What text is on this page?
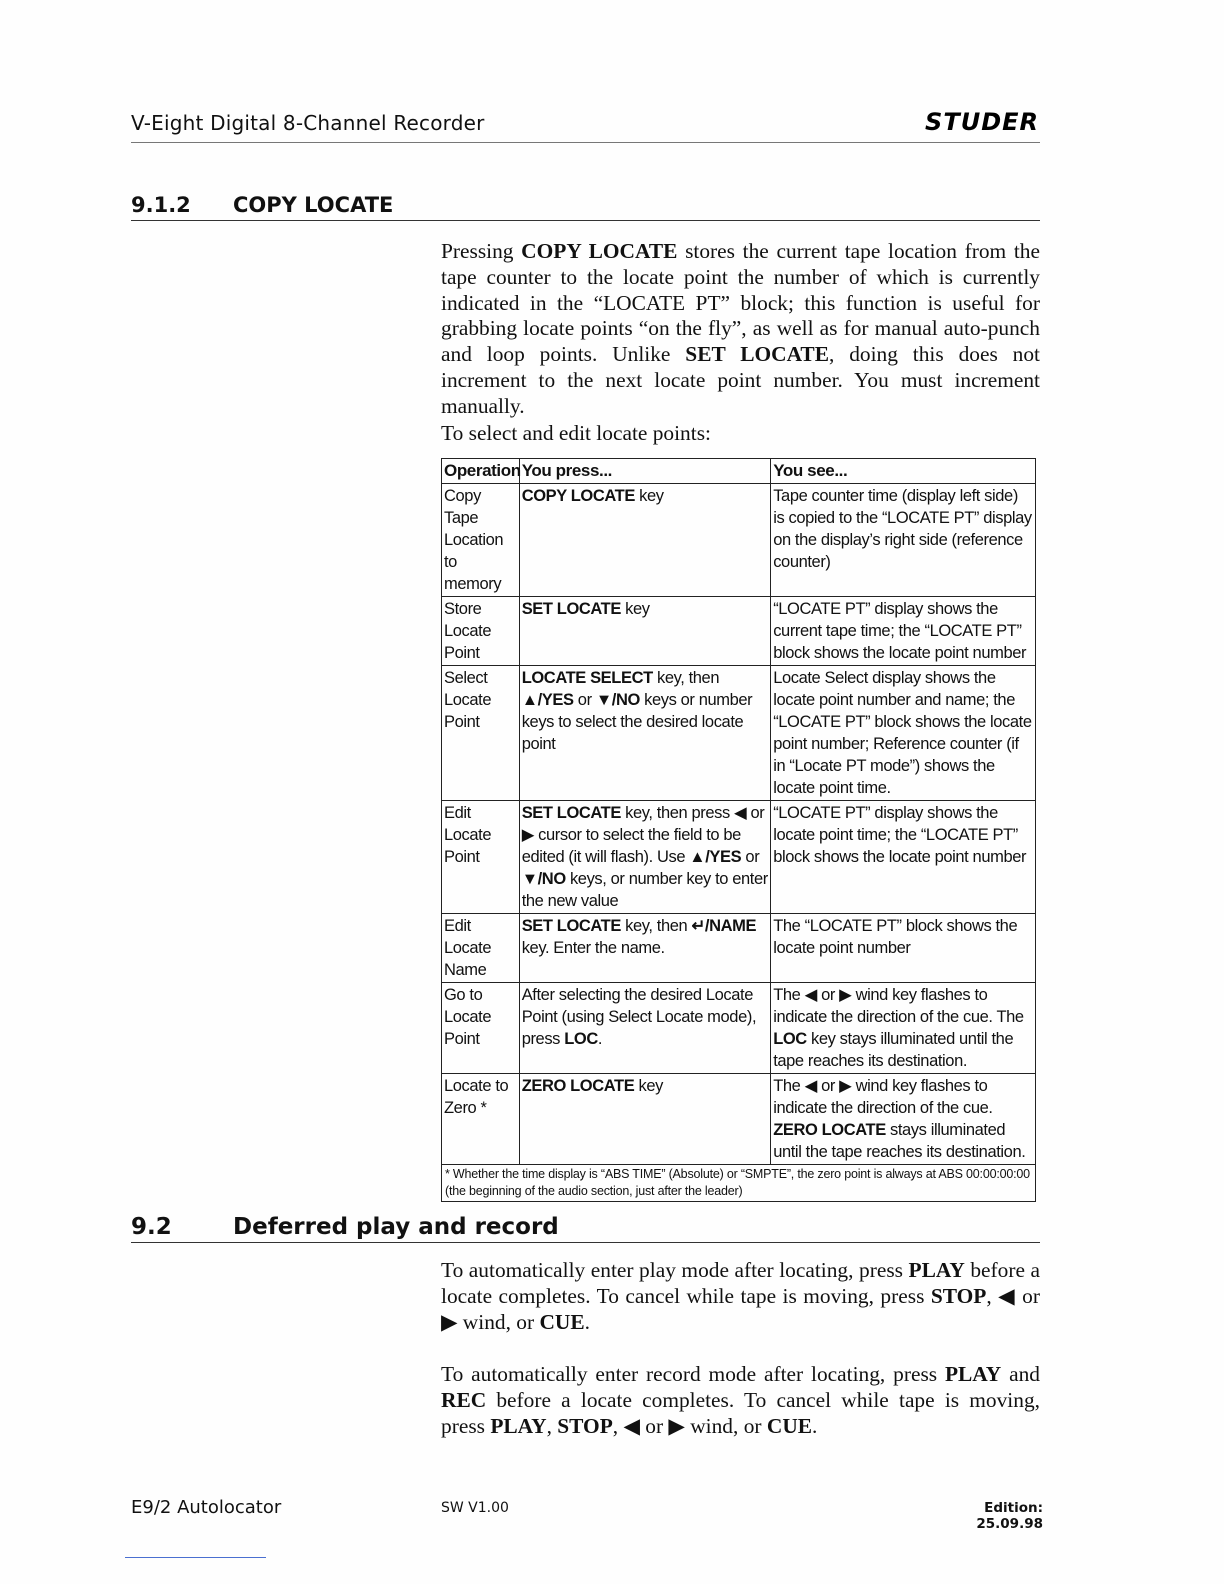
V-Eight Digital 8-Channel Recorder	STUDER
9.1.2 COPY LOCATE
Pressing COPY LOCATE stores the current tape location from the tape counter to the locate point the number of which is currently indicated in the “LOCATE PT” block; this function is useful for grabbing locate points “on the fly”, as well as for manual auto-punch and loop points. Unlike SET LOCATE, doing this does not increment to the next locate point number. You must increment manually.
To select and edit locate points:
Operation	You press...	You see...
Copy Tape Location to memory	COPY LOCATE key	Tape counter time (display left side) is copied to the “LOCATE PT” display on the display’s right side (reference counter)
Store Locate Point	SET LOCATE key	“LOCATE PT” display shows the current tape time; the “LOCATE PT” block shows the locate point number
Select Locate Point	LOCATE SELECT key, then ▲/YES or ▼/NO keys or number keys to select the desired locate point	Locate Select display shows the locate point number and name; the “LOCATE PT” block shows the locate point number; Reference counter (if in “Locate PT mode”) shows the locate point time.
Edit Locate Point	SET LOCATE key, then press ◀ or ▶ cursor to select the field to be edited (it will flash). Use ▲/YES or ▼/NO keys, or number key to enter the new value	“LOCATE PT” display shows the locate point time; the “LOCATE PT” block shows the locate point number
Edit Locate Name	SET LOCATE key, then ↵/NAME key. Enter the name.	The “LOCATE PT” block shows the locate point number
Go to Locate Point	After selecting the desired Locate Point (using Select Locate mode), press LOC.	The ◀ or ▶ wind key flashes to indicate the direction of the cue. The LOC key stays illuminated until the tape reaches its destination.
Locate to Zero *	ZERO LOCATE key	The ◀ or ▶ wind key flashes to indicate the direction of the cue. ZERO LOCATE stays illuminated until the tape reaches its destination.
* Whether the time display is “ABS TIME” (Absolute) or “SMPTE”, the zero point is always at ABS 00:00:00:00 (the beginning of the audio section, just after the leader)		
9.2	Deferred play and record
To automatically enter play mode after locating, press PLAY before a locate completes. To cancel while tape is moving, press STOP, ◀ or ▶ wind, or CUE.
To automatically enter record mode after locating, press PLAY and REC before a locate completes. To cancel while tape is moving, press PLAY, STOP, ◀ or ▶ wind, or CUE.
E9/2 Autolocator	SW V1.00	Edition: 25.09.98
